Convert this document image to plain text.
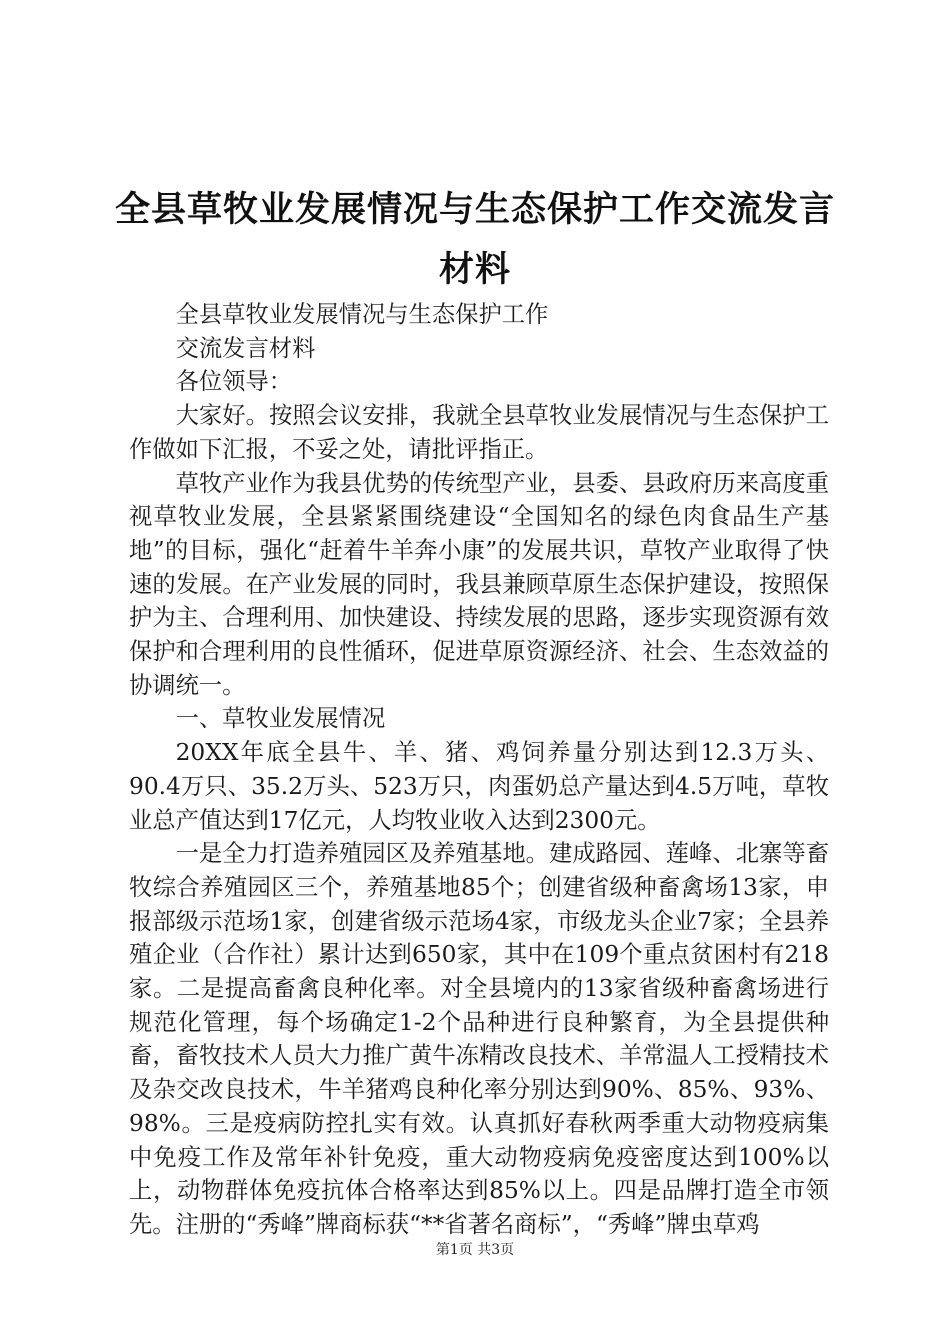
全县草牧业发展情况与生态保护工作交流发言
材料

全县草牧业发展情况与生态保护工作

交流发言材料

各位领导：

大家好。按照会议安排，我就全县草牧业发展情况与生态保护工作做如下汇报，不妥之处，请批评指正。

草牧产业作为我县优势的传统型产业，县委、县政府历来高度重视草牧业发展，全县紧紧围绕建设“全国知名的绿色肉食品生产基地”的目标，强化“赶着牛羊奔小康”的发展共识，草牧产业取得了快速的发展。在产业发展的同时，我县兼顾草原生态保护建设，按照保护为主、合理利用、加快建设、持续发展的思路，逐步实现资源有效保护和合理利用的良性循环，促进草原资源经济、社会、生态效益的协调统一。

一、草牧业发展情况

20XX年底全县牛、羊、猪、鸡饲养量分别达到12.3万头、90.4万只、35.2万头、523万只，肉蛋奶总产量达到4.5万吨，草牧业总产值达到17亿元，人均牧业收入达到2300元。

一是全力打造养殖园区及养殖基地。建成路园、莲峰、北寨等畜牧综合养殖园区三个，养殖基地85个；创建省级种畜禽场13家，申报部级示范场1家，创建省级示范场4家，市级龙头企业7家；全县养殖企业（合作社）累计达到650家，其中在109个重点贫困村有218家。二是提高畜禽良种化率。对全县境内的13家省级种畜禽场进行规范化管理，每个场确定1-2个品种进行良种繁育，为全县提供种畜，畜牧技术人员大力推广黄牛冻精改良技术、羊常温人工授精技术及杂交改良技术，牛羊猪鸡良种化率分别达到90%、85%、93%、98%。三是疫病防控扎实有效。认真抓好春秋两季重大动物疫病集中免疫工作及常年补针免疫，重大动物疫病免疫密度达到100%以上，动物群体免疫抗体合格率达到85%以上。四是品牌打造全市领先。注册的“秀峰”牌商标获“**省著名商标”，“秀峰”牌虫草鸡

第1页 共3页
